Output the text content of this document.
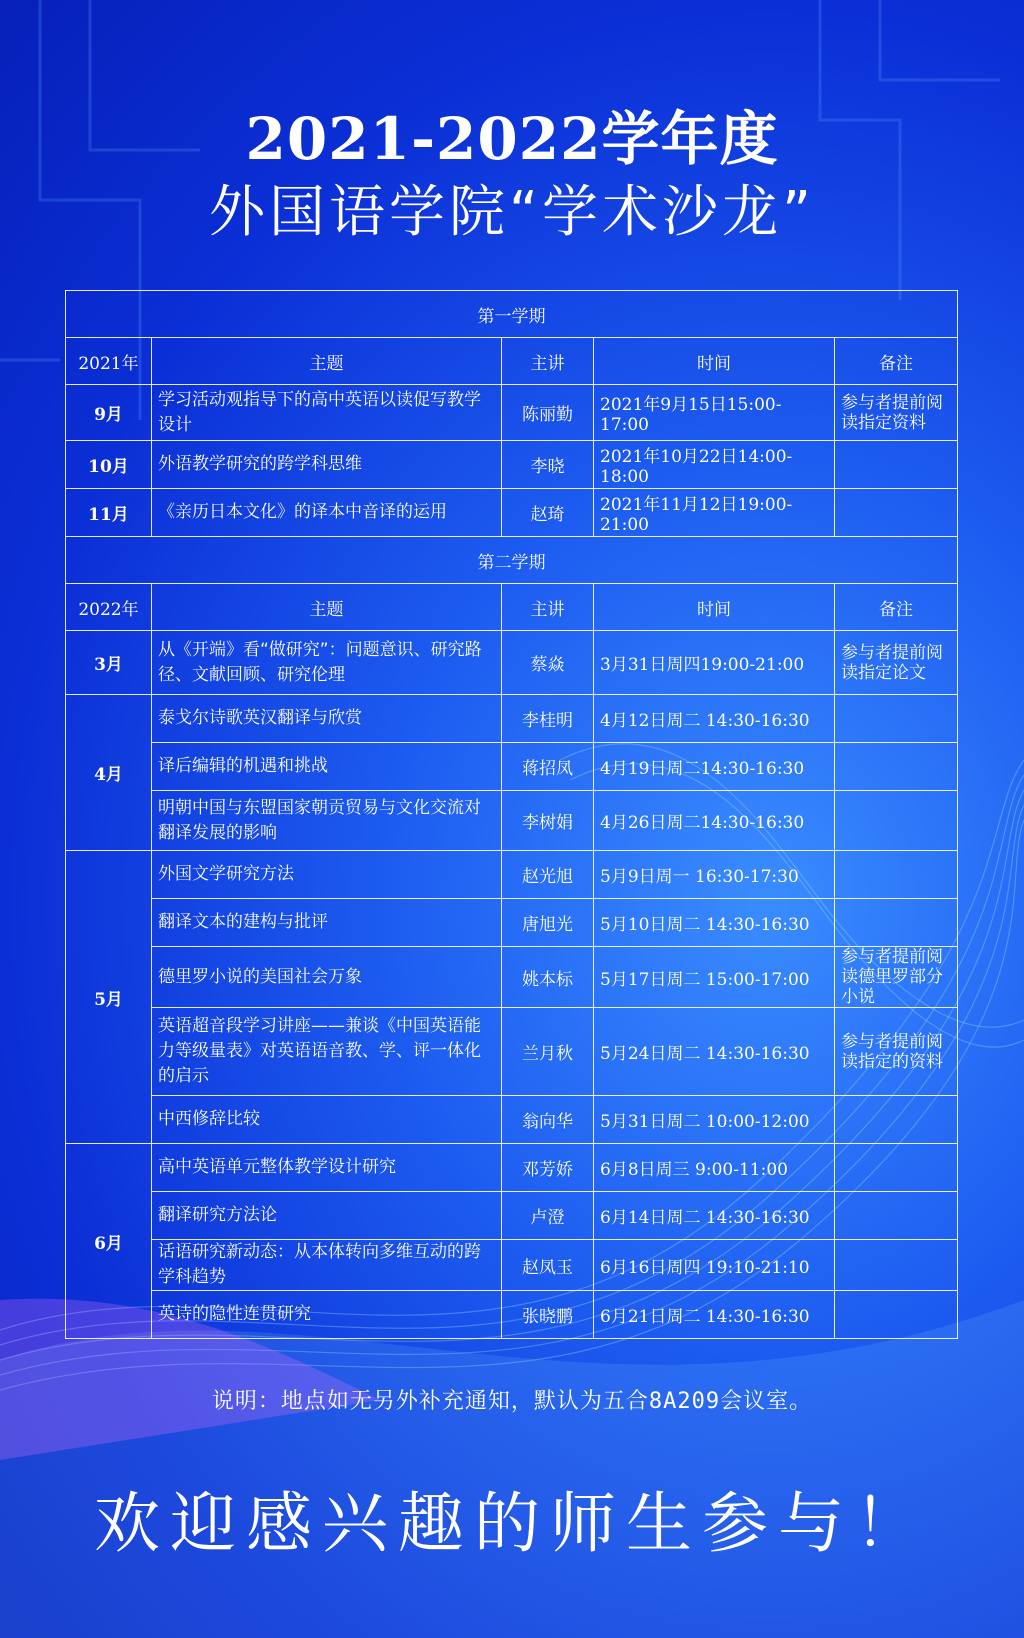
2021-2022学年度
外国语学院“学术沙龙”
第一学期				
2021年	主题	主讲	时间	备注
9月	学习活动观指导下的高中英语以读促写教学设计	陈丽勤	2021年9月15日15:00-17:00	参与者提前阅读指定资料
10月	外语教学研究的跨学科思维	李晓	2021年10月22日14:00-18:00	
11月	《亲历日本文化》的译本中音译的运用	赵琦	2021年11月12日19:00-21:00	
第二学期				
2022年	主题	主讲	时间	备注
3月	从《开端》看“做研究”：问题意识、研究路径、文献回顾、研究伦理	蔡焱	3月31日周四19:00-21:00	参与者提前阅读指定论文
4月	泰戈尔诗歌英汉翻译与欣赏	李桂明	4月12日周二 14:30-16:30	
	译后编辑的机遇和挑战	蒋招凤	4月19日周二14:30-16:30	
	明朝中国与东盟国家朝贡贸易与文化交流对翻译发展的影响	李树娟	4月26日周二14:30-16:30	
5月	外国文学研究方法	赵光旭	5月9日周一 16:30-17:30	
	翻译文本的建构与批评	唐旭光	5月10日周二 14:30-16:30	
	德里罗小说的美国社会万象	姚本标	5月17日周二 15:00-17:00	参与者提前阅读德里罗部分小说
	英语超音段学习讲座——兼谈《中国英语能力等级量表》对英语语音教、学、评一体化的启示	兰月秋	5月24日周二 14:30-16:30	参与者提前阅读指定的资料
	中西修辞比较	翁向华	5月31日周二 10:00-12:00	
6月	高中英语单元整体教学设计研究	邓芳娇	6月8日周三 9:00-11:00	
	翻译研究方法论	卢澄	6月14日周二 14:30-16:30	
	话语研究新动态：从本体转向多维互动的跨学科趋势	赵凤玉	6月16日周四 19:10-21:10	
	英诗的隐性连贯研究	张晓鹏	6月21日周二 14:30-16:30	
说明：地点如无另外补充通知，默认为五合8A209会议室。
欢迎感兴趣的师生参与！
